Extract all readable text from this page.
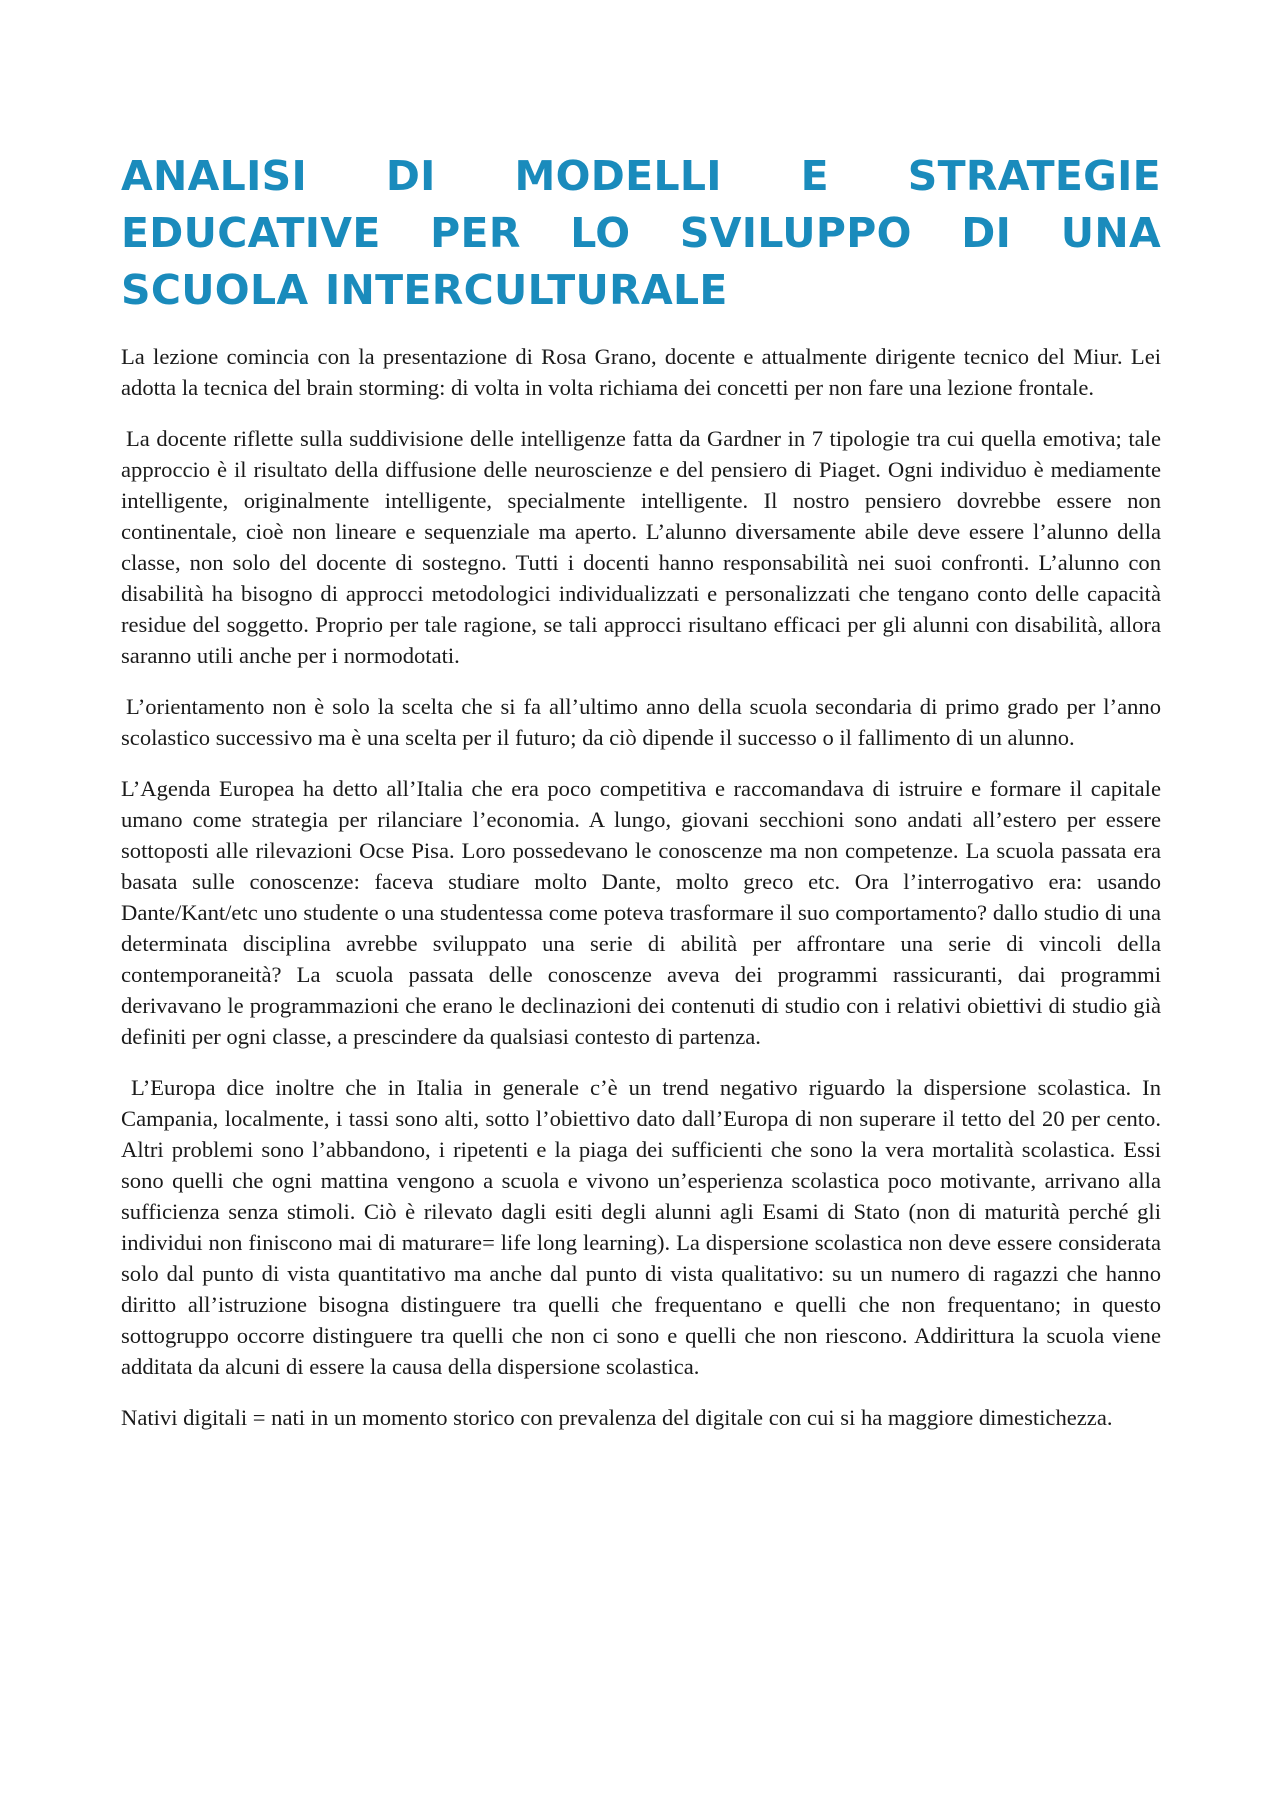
ANALISI DI MODELLI E STRATEGIE EDUCATIVE PER LO SVILUPPO DI UNA SCUOLA INTERCULTURALE

La lezione comincia con la presentazione di Rosa Grano, docente e attualmente dirigente tecnico del Miur. Lei adotta la tecnica del brain storming: di volta in volta richiama dei concetti per non fare una lezione frontale.

La docente riflette sulla suddivisione delle intelligenze fatta da Gardner in 7 tipologie tra cui quella emotiva; tale approccio è il risultato della diffusione delle neuroscienze e del pensiero di Piaget. Ogni individuo è mediamente intelligente, originalmente intelligente, specialmente intelligente. Il nostro pensiero dovrebbe essere non continentale, cioè non lineare e sequenziale ma aperto. L’alunno diversamente abile deve essere l’alunno della classe, non solo del docente di sostegno. Tutti i docenti hanno responsabilità nei suoi confronti. L’alunno con disabilità ha bisogno di approcci metodologici individualizzati e personalizzati che tengano conto delle capacità residue del soggetto. Proprio per tale ragione, se tali approcci risultano efficaci per gli alunni con disabilità, allora saranno utili anche per i normodotati.

L’orientamento non è solo la scelta che si fa all’ultimo anno della scuola secondaria di primo grado per l’anno scolastico successivo ma è una scelta per il futuro; da ciò dipende il successo o il fallimento di un alunno.

L’Agenda Europea ha detto all’Italia che era poco competitiva e raccomandava di istruire e formare il capitale umano come strategia per rilanciare l’economia. A lungo, giovani secchioni sono andati all’estero per essere sottoposti alle rilevazioni Ocse Pisa. Loro possedevano le conoscenze ma non competenze. La scuola passata era basata sulle conoscenze: faceva studiare molto Dante, molto greco etc. Ora l’interrogativo era: usando Dante/Kant/etc uno studente o una studentessa come poteva trasformare il suo comportamento? dallo studio di una determinata disciplina avrebbe sviluppato una serie di abilità per affrontare una serie di vincoli della contemporaneità? La scuola passata delle conoscenze aveva dei programmi rassicuranti, dai programmi derivavano le programmazioni che erano le declinazioni dei contenuti di studio con i relativi obiettivi di studio già definiti per ogni classe, a prescindere da qualsiasi contesto di partenza.

L’Europa dice inoltre che in Italia in generale c’è un trend negativo riguardo la dispersione scolastica. In Campania, localmente, i tassi sono alti, sotto l’obiettivo dato dall’Europa di non superare il tetto del 20 per cento. Altri problemi sono l’abbandono, i ripetenti e la piaga dei sufficienti che sono la vera mortalità scolastica. Essi sono quelli che ogni mattina vengono a scuola e vivono un’esperienza scolastica poco motivante, arrivano alla sufficienza senza stimoli. Ciò è rilevato dagli esiti degli alunni agli Esami di Stato (non di maturità perché gli individui non finiscono mai di maturare= life long learning). La dispersione scolastica non deve essere considerata solo dal punto di vista quantitativo ma anche dal punto di vista qualitativo: su un numero di ragazzi che hanno diritto all’istruzione bisogna distinguere tra quelli che frequentano e quelli che non frequentano; in questo sottogruppo occorre distinguere tra quelli che non ci sono e quelli che non riescono. Addirittura la scuola viene additata da alcuni di essere la causa della dispersione scolastica.

Nativi digitali = nati in un momento storico con prevalenza del digitale con cui si ha maggiore dimestichezza.
